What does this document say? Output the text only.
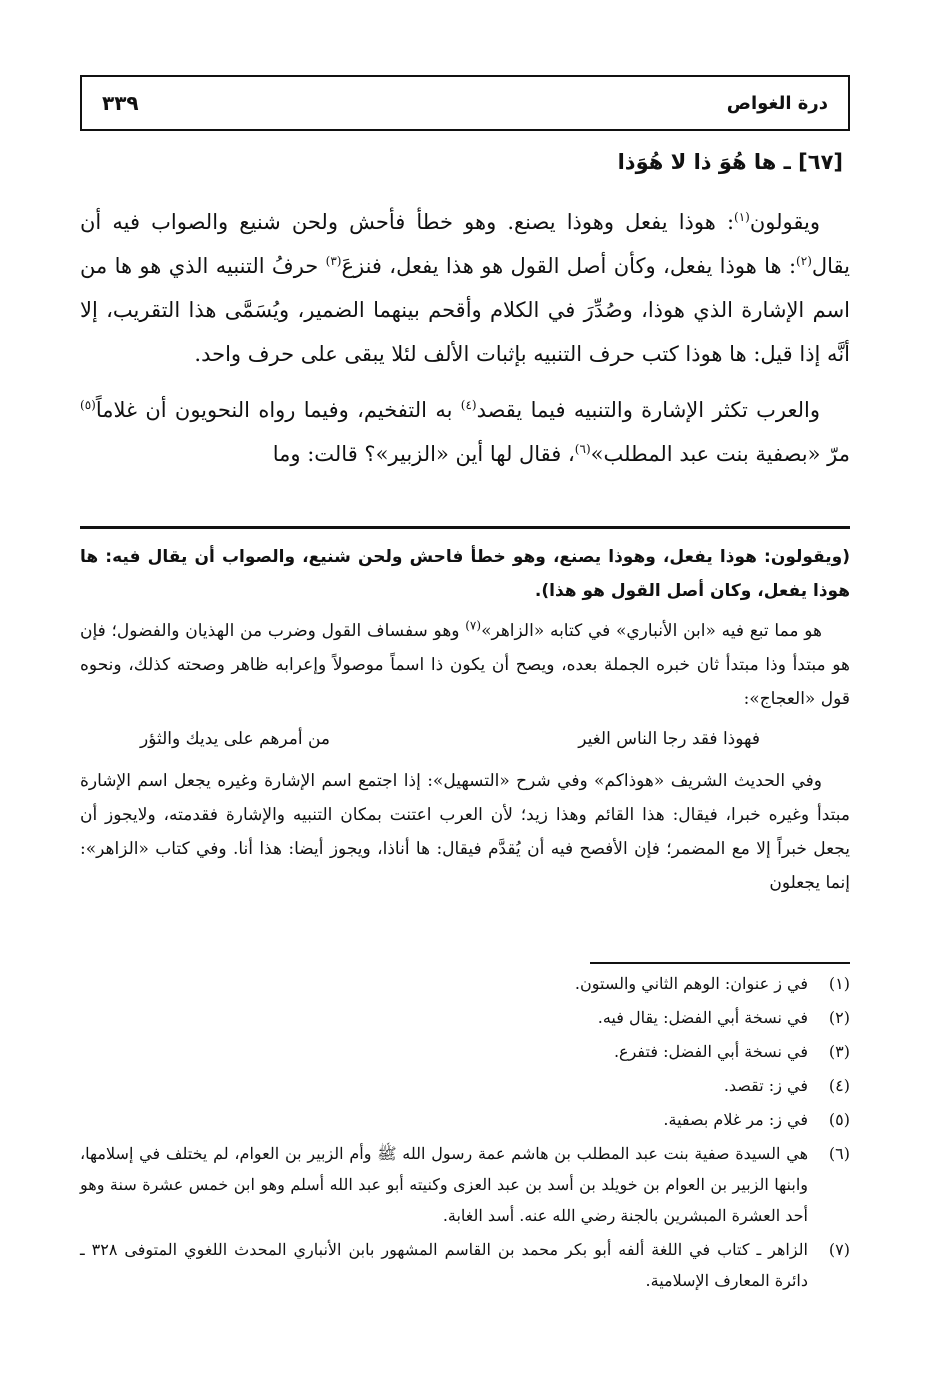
درة الغواص
٣٣٩
[٦٧] ـ ها هُوَ ذا لا هُوَذا

ويقولون$^{(١)}$: هوذا يفعل وهوذا يصنع. وهو خطأ فأحش ولحن شنيع والصواب فيه أن يقال$^{(٢)}$: ها هوذا يفعل، وكأن أصل القول هو هذا يفعل، فنزعَ$^{(٣)}$ حرفُ التنبيه الذي هو ها من اسم الإشارة الذي هوذا، وصُدِّرَ في الكلام وأقحم بينهما الضمير، ويُسَمَّى هذا التقريب، إلا أنَّه إذا قيل: ها هوذا كتب حرف التنبيه بإثبات الألف لئلا يبقى على حرف واحد.

والعرب تكثر الإشارة والتنبيه فيما يقصد$^{(٤)}$ به التفخيم، وفيما رواه النحويون أن غلاماً$^{(٥)}$ مرّ «بصفية بنت عبد المطلب»$^{(٦)}$، فقال لها أين «الزبير»؟ قالت: وما

(ويقولون: هوذا يفعل، وهوذا يصنع، وهو خطأ فاحش ولحن شنيع، والصواب أن يقال فيه: ها هوذا يفعل، وكان أصل القول هو هذا).

هو مما تبع فيه «ابن الأنباري» في كتابه «الزاهر»$^{(٧)}$ وهو سفساف القول وضرب من الهذيان والفضول؛ فإن هو مبتدأ وذا مبتدأ ثان خبره الجملة بعده، ويصح أن يكون ذا اسماً موصولاً وإعرابه ظاهر وصحته كذلك، ونحوه قول «العجاج»:

فهوذا فقد رجا الناس الغير
من أمرهم على يديك والثؤر

وفي الحديث الشريف «هوذاكم» وفي شرح «التسهيل»: إذا اجتمع اسم الإشارة وغيره يجعل اسم الإشارة مبتدأ وغيره خبرا، فيقال: هذا القائم وهذا زيد؛ لأن العرب اعتنت بمكان التنبيه والإشارة فقدمته، ولايجوز أن يجعل خبراً إلا مع المضمر؛ فإن الأفصح فيه أن يُقدَّم فيقال: ها أناذا، ويجوز أيضا: هذا أنا. وفي كتاب «الزاهر»: إنما يجعلون

(١)
في ز عنوان: الوهم الثاني والستون.
(٢)
في نسخة أبي الفضل: يقال فيه.
(٣)
في نسخة أبي الفضل: فتفرع.
(٤)
في ز: تقصد.
(٥)
في ز: مر غلام بصفية.
(٦)
هي السيدة صفية بنت عبد المطلب بن هاشم عمة رسول الله ﷺ وأم الزبير بن العوام، لم يختلف في إسلامها، وابنها الزبير بن العوام بن خويلد بن أسد بن عبد العزى وكنيته أبو عبد الله أسلم وهو ابن خمس عشرة سنة وهو أحد العشرة المبشرين بالجنة رضي الله عنه. أسد الغابة.
(٧)
الزاهر ـ كتاب في اللغة ألفه أبو بكر محمد بن القاسم المشهور بابن الأنباري المحدث اللغوي المتوفى ٣٢٨ ـ دائرة المعارف الإسلامية.
